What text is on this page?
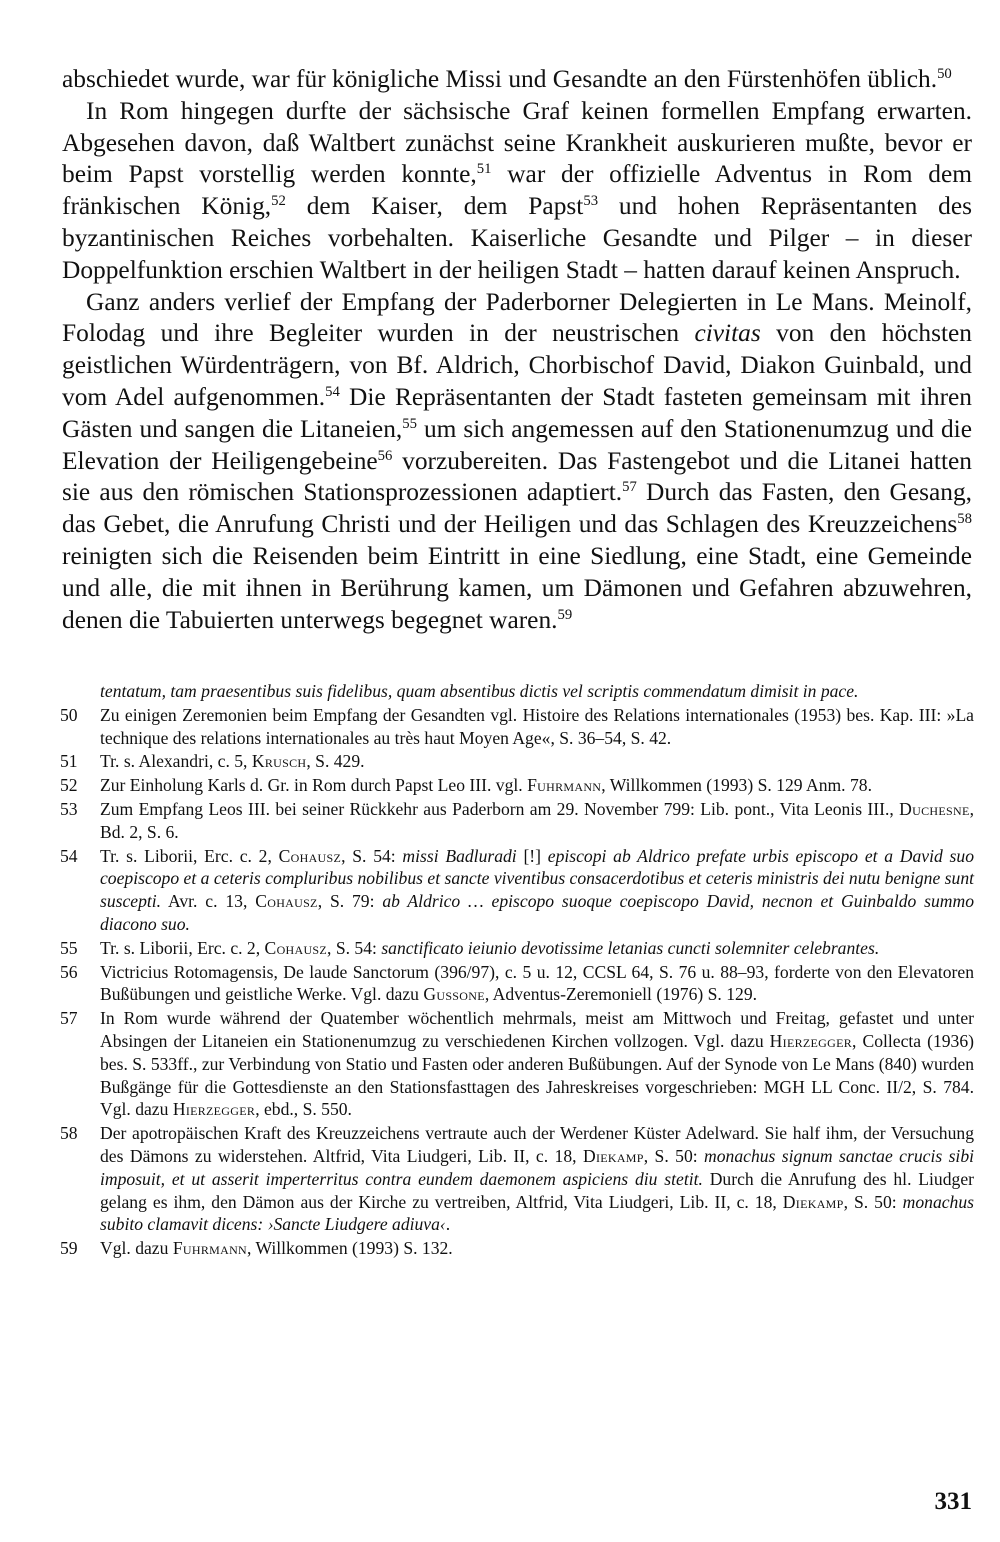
abschiedet wurde, war für königliche Missi und Gesandte an den Fürstenhöfen üblich.$^{50}$

In Rom hingegen durfte der sächsische Graf keinen formellen Empfang erwarten. Abgesehen davon, daß Waltbert zunächst seine Krankheit auskurieren mußte, bevor er beim Papst vorstellig werden konnte,$^{51}$ war der offizielle Adventus in Rom dem fränkischen König,$^{52}$ dem Kaiser, dem Papst$^{53}$ und hohen Repräsentanten des byzantinischen Reiches vorbehalten. Kaiserliche Gesandte und Pilger – in dieser Doppelfunktion erschien Waltbert in der heiligen Stadt – hatten darauf keinen Anspruch.

Ganz anders verlief der Empfang der Paderborner Delegierten in Le Mans. Meinolf, Folodag und ihre Begleiter wurden in der neustrischen civitas von den höchsten geistlichen Würdenträgern, von Bf. Aldrich, Chorbischof David, Diakon Guinbald, und vom Adel aufgenommen.$^{54}$ Die Repräsentanten der Stadt fasteten gemeinsam mit ihren Gästen und sangen die Litaneien,$^{55}$ um sich angemessen auf den Stationenumzug und die Elevation der Heiligengebeine$^{56}$ vorzubereiten. Das Fastengebot und die Litanei hatten sie aus den römischen Stationsprozessionen adaptiert.$^{57}$ Durch das Fasten, den Gesang, das Gebet, die Anrufung Christi und der Heiligen und das Schlagen des Kreuzzeichens$^{58}$ reinigten sich die Reisenden beim Eintritt in eine Siedlung, eine Stadt, eine Gemeinde und alle, die mit ihnen in Berührung kamen, um Dämonen und Gefahren abzuwehren, denen die Tabuierten unterwegs begegnet waren.$^{59}$

tentatum, tam praesentibus suis fidelibus, quam absentibus dictis vel scriptis commendatum dimisit in pace.
50	Zu einigen Zeremonien beim Empfang der Gesandten vgl. Histoire des Relations internationales (1953) bes. Kap. III: »La technique des relations internationales au très haut Moyen Age«, S. 36–54, S. 42.
51	Tr. s. Alexandri, c. 5, Krusch, S. 429.
52	Zur Einholung Karls d. Gr. in Rom durch Papst Leo III. vgl. Fuhrmann, Willkommen (1993) S. 129 Anm. 78.
53	Zum Empfang Leos III. bei seiner Rückkehr aus Paderborn am 29. November 799: Lib. pont., Vita Leonis III., Duchesne, Bd. 2, S. 6.
54	Tr. s. Liborii, Erc. c. 2, Cohausz, S. 54: missi Badluradi [!] episcopi ab Aldrico prefate urbis episcopo et a David suo coepiscopo et a ceteris compluribus nobilibus et sancte viventibus consacerdotibus et ceteris ministris dei nutu benigne sunt suscepti. Avr. c. 13, Cohausz, S. 79: ab Aldrico … episcopo suoque coepiscopo David, necnon et Guinbaldo summo diacono suo.
55	Tr. s. Liborii, Erc. c. 2, Cohausz, S. 54: sanctificato ieiunio devotissime letanias cuncti solemniter celebrantes.
56	Victricius Rotomagensis, De laude Sanctorum (396/97), c. 5 u. 12, CCSL 64, S. 76 u. 88–93, forderte von den Elevatoren Bußübungen und geistliche Werke. Vgl. dazu Gussone, Adventus-Zeremoniell (1976) S. 129.
57	In Rom wurde während der Quatember wöchentlich mehrmals, meist am Mittwoch und Freitag, gefastet und unter Absingen der Litaneien ein Stationenumzug zu verschiedenen Kirchen vollzogen. Vgl. dazu Hierzegger, Collecta (1936) bes. S. 533ff., zur Verbindung von Statio und Fasten oder anderen Bußübungen. Auf der Synode von Le Mans (840) wurden Bußgänge für die Gottesdienste an den Stationsfasttagen des Jahreskreises vorgeschrieben: MGH LL Conc. II/2, S. 784. Vgl. dazu Hierzegger, ebd., S. 550.
58	Der apotropäischen Kraft des Kreuzzeichens vertraute auch der Werdener Küster Adelward. Sie half ihm, der Versuchung des Dämons zu widerstehen. Altfrid, Vita Liudgeri, Lib. II, c. 18, Diekamp, S. 50: monachus signum sanctae crucis sibi imposuit, et ut asserit imperterritus contra eundem daemonem aspiciens diu stetit. Durch die Anrufung des hl. Liudger gelang es ihm, den Dämon aus der Kirche zu vertreiben, Altfrid, Vita Liudgeri, Lib. II, c. 18, Diekamp, S. 50: monachus subito clamavit dicens: ›Sancte Liudgere adiuva‹.
59	Vgl. dazu Fuhrmann, Willkommen (1993) S. 132.
331
